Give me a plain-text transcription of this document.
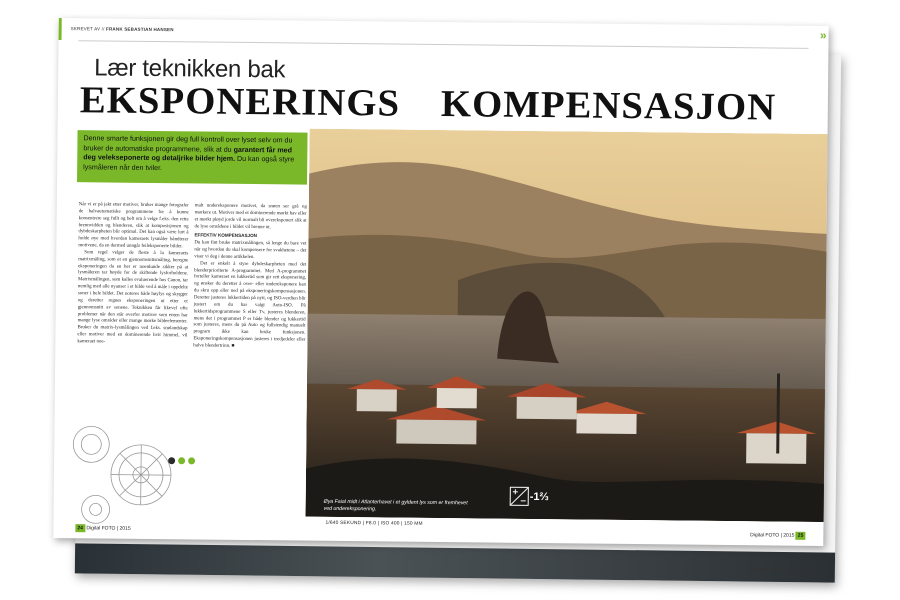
Digital FOTO | 2015 | 37
SKREVET AV // FRANK SEBASTIAN HANSEN	»
Lær teknikken bak
EKSPONERINGS KOMPENSASJON
Denne smarte funksjonen gir deg full kontroll over lyset selv om du bruker de automatiske programmene, slik at du garantert får med deg velekseponerte og detaljrike bilder hjem. Du kan også styre lysmåleren når den tviler.

Når vi er på jakt etter motiver, bruker mange fotografer de halvautomatiske programmene for å kunne konsentrere seg fullt og helt om å velge f.eks. den rette brennvidden og blenderen, slik at komposisjonen og dybdeskarpheten blir optimal. Det kan også være lurt å holde øye med hvordan kameraets lysmåler håndterer motivene, da en dermed unngår feileksponerte bilder.

Som regel velger de fleste å la kameraets matrixmåling, som et en gjennomsnittsmåling, beregne eksponeringen da en her er noenlunde sikker på at lysmåleren tar høyde for de skiftende lysforholdene. Matrixmålingen, som kalles evaluerende hos Canon, tar nemlig med alle nyanser i et bilde ved å måle i oppdelte soner i hele bildet. Det noteres både høylys og skygger og deretter regnes eksponeringen ut etter et gjennomsnitt av sonene. Teknikken får likevel ofte problemer når den står overfor motiver som enten har mange lyse områder eller mange mørke bildeelementer. Bruker du matrix-lysmålingen ved f.eks. snølandskap eller motiver med en dominerende hvit himmel, vil kameraet noe-

malt undereksponere motivet, da snøen ser grå og mørkere ut. Motiver med et dominerende mørkt hav eller et mørkt pløyd jorde vil normalt bli overeksponert slik at de lyse områdene i bildet vil brenne ut.

EFFEKTIV KOMPENSASJON

Du kan fint bruke matrixmålingen, så lenge du bare vet når og hvordan du skal kompensere for svakhetene – det viser vi deg i denne artikkelen.

Det er enkelt å styre dybdeskarpheten med det blenderprioriterte A-programmet. Med A-programmet forteller kameraet en lukkertid som gir rett eksponering, og ønsker du deretter å over- eller undereksponere kan du skru opp eller ned på eksponeringskompensasjonen. Deretter justeres lukkertiden på nytt, og ISO-verdien blir justert om du har valgt Auto-ISO. På lukkertidsprogrammene S eller Tv, justeres blenderen, mens det i programmet P er både blender og lukkertid som justeres, mens du på Auto og fullstendig manuelt program ikke kan bruke funksjonen. Eksponeringskompensasjonen justeres i tredjedeler eller halve blendertrinn. ■

Øya Faial midt i Atlanterhavet i et gyldent lys som er fremhevet ved undereksponering.
-1⅔
1/640 SEKUND | F8.0 | ISO 400 | 150 MM
24 Digital FOTO | 2015
Digital FOTO | 2015 25
